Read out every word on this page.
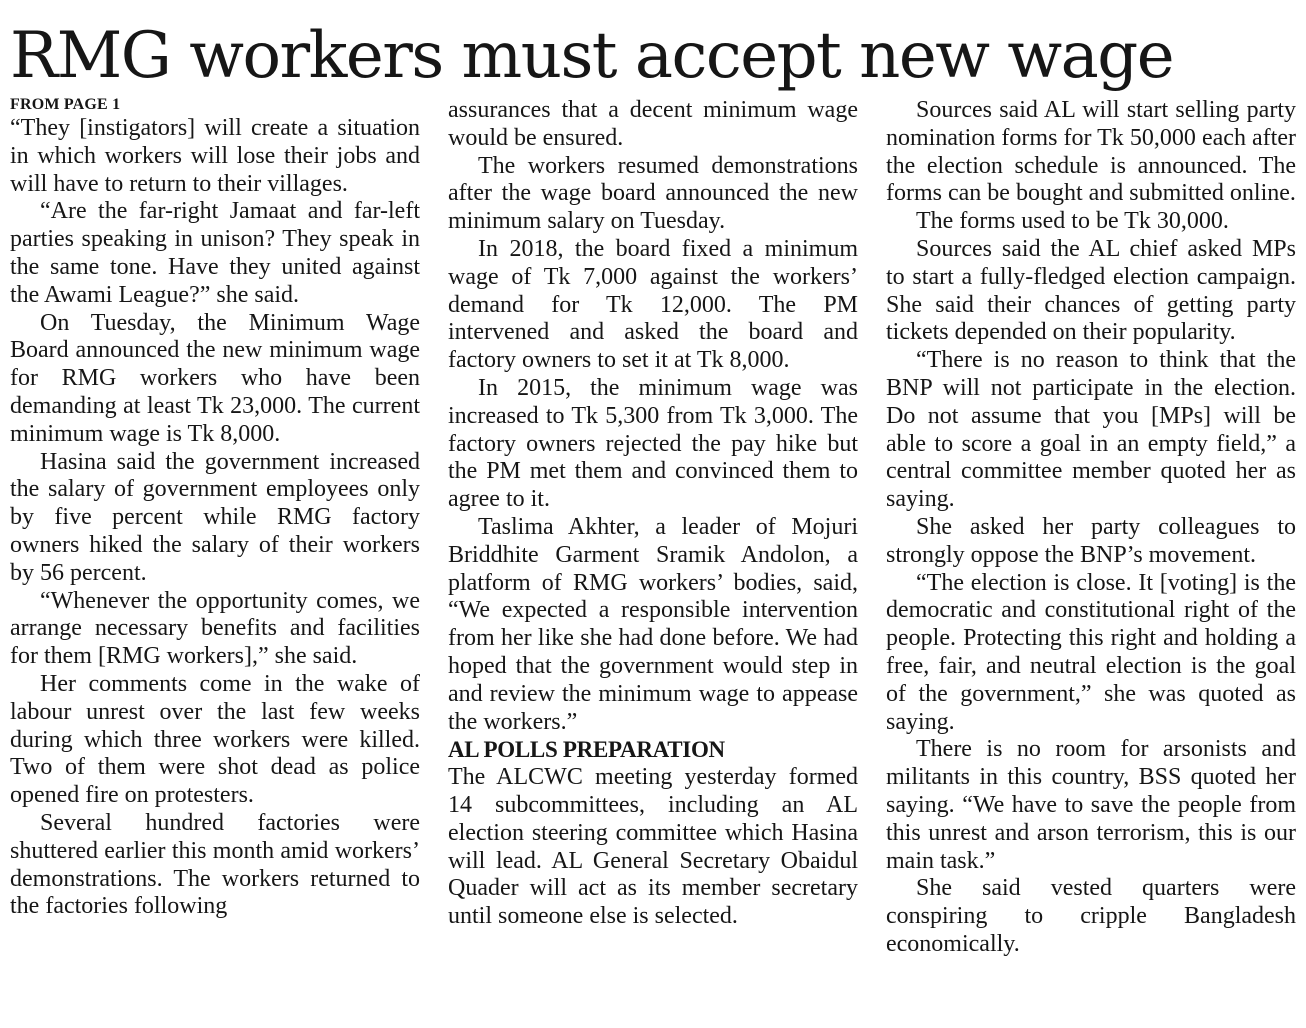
RMG workers must accept new wage
FROM PAGE 1

“They [instigators] will create a situation in which workers will lose their jobs and will have to return to their villages.

“Are the far-right Jamaat and far-left parties speaking in unison? They speak in the same tone. Have they united against the Awami League?” she said.

On Tuesday, the Minimum Wage Board announced the new minimum wage for RMG workers who have been demanding at least Tk 23,000. The current minimum wage is Tk 8,000.

Hasina said the government increased the salary of government employees only by five percent while RMG factory owners hiked the salary of their workers by 56 percent.

“Whenever the opportunity comes, we arrange necessary benefits and facilities for them [RMG workers],” she said.

Her comments come in the wake of labour unrest over the last few weeks during which three workers were killed. Two of them were shot dead as police opened fire on protesters.

Several hundred factories were shuttered earlier this month amid workers’ demonstrations. The workers returned to the factories following

assurances that a decent minimum wage would be ensured.

The workers resumed demonstrations after the wage board announced the new minimum salary on Tuesday.

In 2018, the board fixed a minimum wage of Tk 7,000 against the workers’ demand for Tk 12,000. The PM intervened and asked the board and factory owners to set it at Tk 8,000.

In 2015, the minimum wage was increased to Tk 5,300 from Tk 3,000. The factory owners rejected the pay hike but the PM met them and convinced them to agree to it.

Taslima Akhter, a leader of Mojuri Briddhite Garment Sramik Andolon, a platform of RMG workers’ bodies, said, “We expected a responsible intervention from her like she had done before. We had hoped that the government would step in and review the minimum wage to appease the workers.”

AL POLLS PREPARATION

The ALCWC meeting yesterday formed 14 subcommittees, including an AL election steering committee which Hasina will lead. AL General Secretary Obaidul Quader will act as its member secretary until someone else is selected.

Sources said AL will start selling party nomination forms for Tk 50,000 each after the election schedule is announced. The forms can be bought and submitted online.

The forms used to be Tk 30,000.

Sources said the AL chief asked MPs to start a fully-fledged election campaign. She said their chances of getting party tickets depended on their popularity.

“There is no reason to think that the BNP will not participate in the election. Do not assume that you [MPs] will be able to score a goal in an empty field,” a central committee member quoted her as saying.

She asked her party colleagues to strongly oppose the BNP’s movement.

“The election is close. It [voting] is the democratic and constitutional right of the people. Protecting this right and holding a free, fair, and neutral election is the goal of the government,” she was quoted as saying.

There is no room for arsonists and militants in this country, BSS quoted her saying. “We have to save the people from this unrest and arson terrorism, this is our main task.”

She said vested quarters were conspiring to cripple Bangladesh economically.
